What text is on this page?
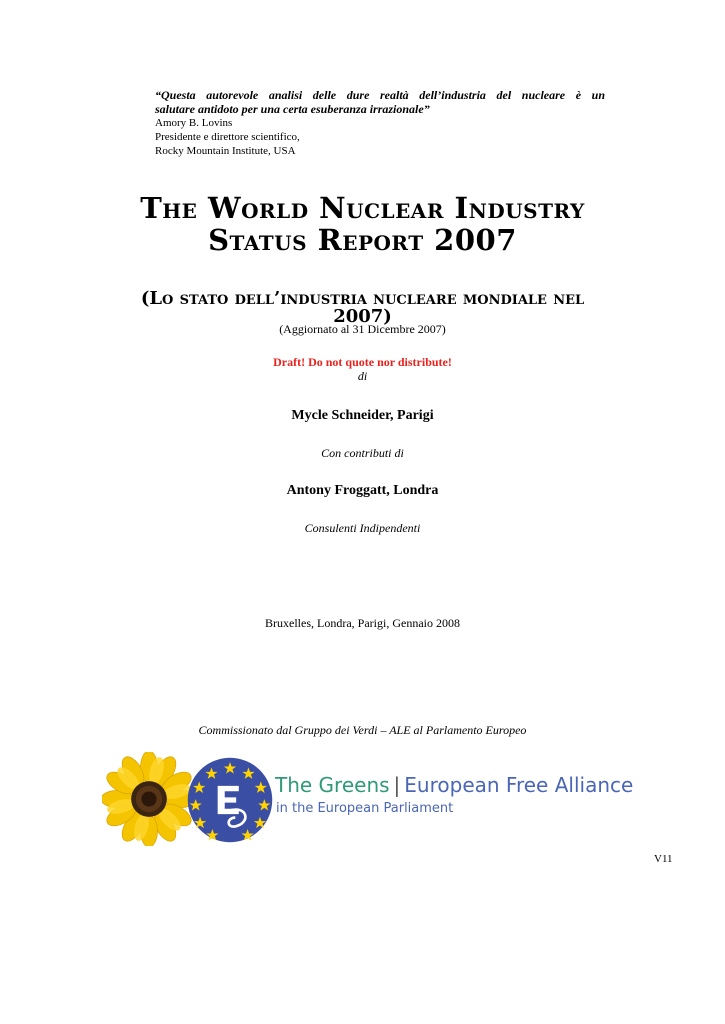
“Questa autorevole analisi delle dure realtà dell’industria del nucleare è un
salutare antidoto per una certa esuberanza irrazionale”
Amory B. Lovins
Presidente e direttore scientifico,
Rocky Mountain Institute, USA
The World Nuclear Industry
Status Report 2007
(Lo stato dell’industria nucleare mondiale nel
2007)
(Aggiornato al 31 Dicembre 2007)
Draft! Do not quote nor distribute!
di
Mycle Schneider, Parigi
Con contributi di
Antony Froggatt, Londra
Consulenti Indipendenti
Bruxelles, Londra, Parigi, Gennaio 2008
Commissionato dal Gruppo dei Verdi – ALE al Parlamento Europeo
The Greens | European Free Alliance
in the European Parliament
V11
